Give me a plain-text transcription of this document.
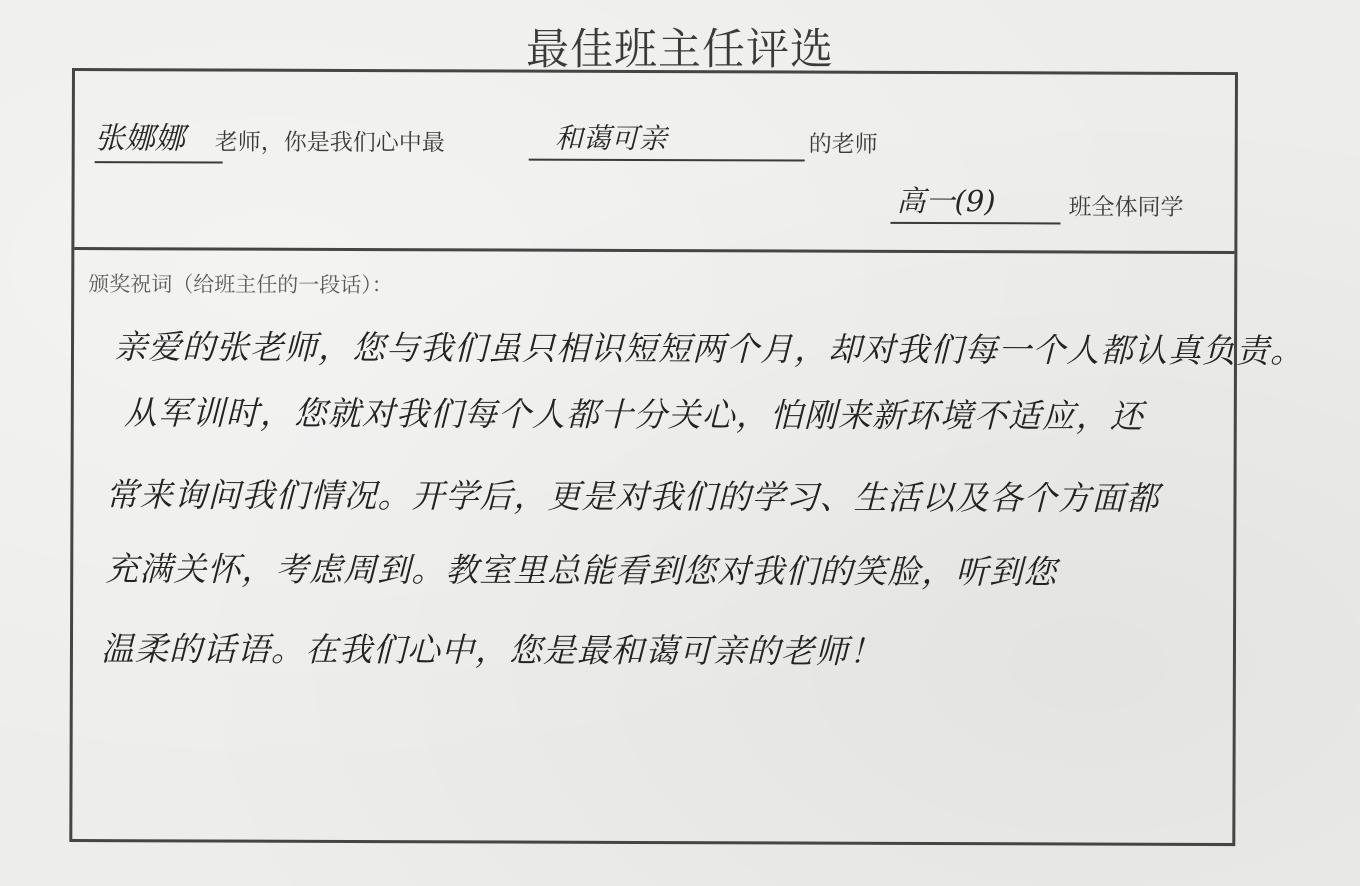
最佳班主任评选
张娜娜	老师，你是我们心中最	和蔼可亲	的老师
高一(9)	班全体同学
颁奖祝词（给班主任的一段话）：
亲爱的张老师，您与我们虽只相识短短两个月，却对我们每一个人都认真负责。
从军训时，您就对我们每个人都十分关心，怕刚来新环境不适应，还
常来询问我们情况。开学后，更是对我们的学习、生活以及各个方面都
充满关怀，考虑周到。教室里总能看到您对我们的笑脸，听到您
温柔的话语。在我们心中，您是最和蔼可亲的老师！
